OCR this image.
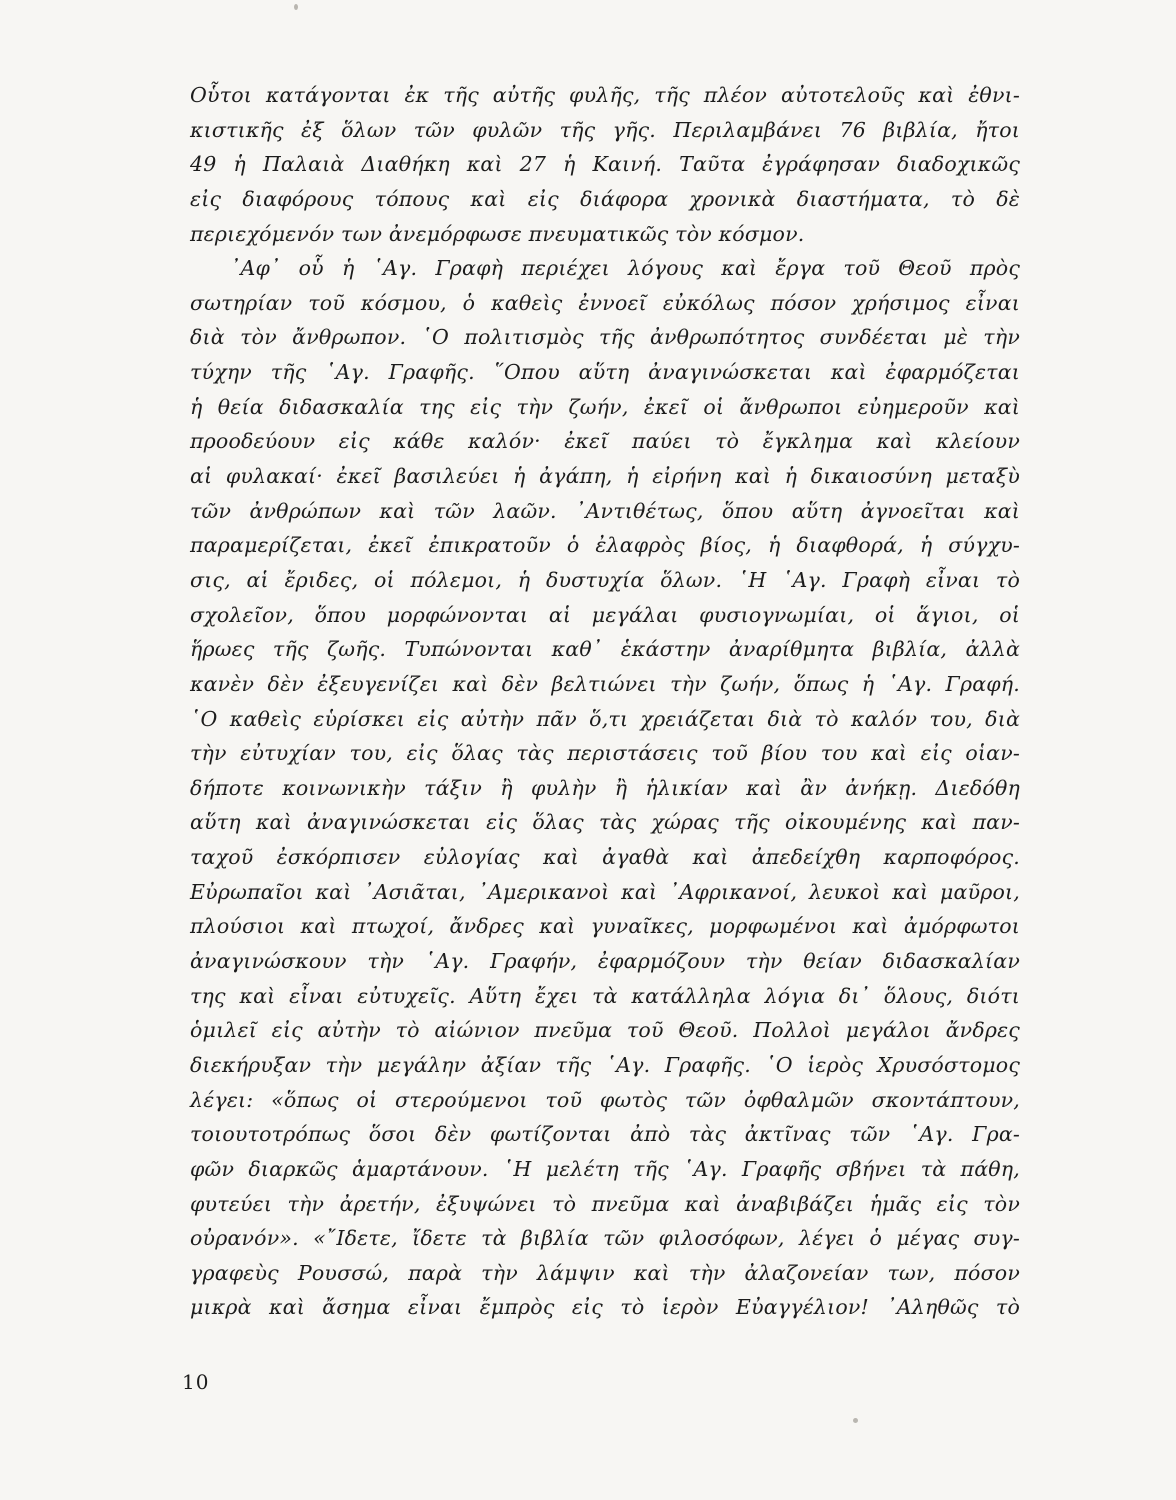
Οὗτοι κατάγονται ἐκ τῆς αὐτῆς φυλῆς, τῆς πλέον αὐτοτελοῦς καὶ ἐθνι-
κιστικῆς ἐξ ὅλων τῶν φυλῶν τῆς γῆς. Περιλαμβάνει 76 βιβλία, ἤτοι
49 ἡ Παλαιὰ Διαθήκη καὶ 27 ἡ Καινή. Ταῦτα ἐγράφησαν διαδοχικῶς
εἰς διαφόρους τόπους καὶ εἰς διάφορα χρονικὰ διαστήματα, τὸ δὲ
περιεχόμενόν των ἀνεμόρφωσε πνευματικῶς τὸν κόσμον.
᾿Αφ᾿ οὗ ἡ ῾Αγ. Γραφὴ περιέχει λόγους καὶ ἔργα τοῦ Θεοῦ πρὸς
σωτηρίαν τοῦ κόσμου, ὁ καθεὶς ἐννοεῖ εὐκόλως πόσον χρήσιμος εἶναι
διὰ τὸν ἄνθρωπον. ῾Ο πολιτισμὸς τῆς ἀνθρωπότητος συνδέεται μὲ τὴν
τύχην τῆς ῾Αγ. Γραφῆς. ῞Οπου αὕτη ἀναγινώσκεται καὶ ἐφαρμόζεται
ἡ θεία διδασκαλία της εἰς τὴν ζωήν, ἐκεῖ οἱ ἄνθρωποι εὐημεροῦν καὶ
προοδεύουν εἰς κάθε καλόν· ἐκεῖ παύει τὸ ἔγκλημα καὶ κλείουν
αἱ φυλακαί· ἐκεῖ βασιλεύει ἡ ἀγάπη, ἡ εἰρήνη καὶ ἡ δικαιοσύνη μεταξὺ
τῶν ἀνθρώπων καὶ τῶν λαῶν. ᾿Αντιθέτως, ὅπου αὕτη ἀγνοεῖται καὶ
παραμερίζεται, ἐκεῖ ἐπικρατοῦν ὁ ἐλαφρὸς βίος, ἡ διαφθορά, ἡ σύγχυ-
σις, αἱ ἔριδες, οἱ πόλεμοι, ἡ δυστυχία ὅλων. ῾Η ῾Αγ. Γραφὴ εἶναι τὸ
σχολεῖον, ὅπου μορφώνονται αἱ μεγάλαι φυσιογνωμίαι, οἱ ἅγιοι, οἱ
ἥρωες τῆς ζωῆς. Τυπώνονται καθ᾿ ἑκάστην ἀναρίθμητα βιβλία, ἀλλὰ
κανὲν δὲν ἐξευγενίζει καὶ δὲν βελτιώνει τὴν ζωήν, ὅπως ἡ ῾Αγ. Γραφή.
῾Ο καθεὶς εὑρίσκει εἰς αὐτὴν πᾶν ὅ,τι χρειάζεται διὰ τὸ καλόν του, διὰ
τὴν εὐτυχίαν του, εἰς ὅλας τὰς περιστάσεις τοῦ βίου του καὶ εἰς οἱαν-
δήποτε κοινωνικὴν τάξιν ἢ φυλὴν ἢ ἡλικίαν καὶ ἂν ἀνήκῃ. Διεδόθη
αὕτη καὶ ἀναγινώσκεται εἰς ὅλας τὰς χώρας τῆς οἰκουμένης καὶ παν-
ταχοῦ ἐσκόρπισεν εὐλογίας καὶ ἀγαθὰ καὶ ἀπεδείχθη καρποφόρος.
Εὐρωπαῖοι καὶ ᾿Ασιᾶται, ᾿Αμερικανοὶ καὶ ᾿Αφρικανοί, λευκοὶ καὶ μαῦροι,
πλούσιοι καὶ πτωχοί, ἄνδρες καὶ γυναῖκες, μορφωμένοι καὶ ἀμόρφωτοι
ἀναγινώσκουν τὴν ῾Αγ. Γραφήν, ἐφαρμόζουν τὴν θείαν διδασκαλίαν
της καὶ εἶναι εὐτυχεῖς. Αὕτη ἔχει τὰ κατάλληλα λόγια δι᾿ ὅλους, διότι
ὁμιλεῖ εἰς αὐτὴν τὸ αἰώνιον πνεῦμα τοῦ Θεοῦ. Πολλοὶ μεγάλοι ἄνδρες
διεκήρυξαν τὴν μεγάλην ἀξίαν τῆς ῾Αγ. Γραφῆς. ῾Ο ἱερὸς Χρυσόστομος
λέγει: «ὅπως οἱ στερούμενοι τοῦ φωτὸς τῶν ὀφθαλμῶν σκοντάπτουν,
τοιουτοτρόπως ὅσοι δὲν φωτίζονται ἀπὸ τὰς ἀκτῖνας τῶν ῾Αγ. Γρα-
φῶν διαρκῶς ἁμαρτάνουν. ῾Η μελέτη τῆς ῾Αγ. Γραφῆς σβήνει τὰ πάθη,
φυτεύει τὴν ἀρετήν, ἐξυψώνει τὸ πνεῦμα καὶ ἀναβιβάζει ἡμᾶς εἰς τὸν
οὐρανόν». «῎Ιδετε, ἴδετε τὰ βιβλία τῶν φιλοσόφων, λέγει ὁ μέγας συγ-
γραφεὺς Ρουσσώ, παρὰ τὴν λάμψιν καὶ τὴν ἀλαζονείαν των, πόσον
μικρὰ καὶ ἄσημα εἶναι ἔμπρὸς εἰς τὸ ἱερὸν Εὐαγγέλιον! ᾿Αληθῶς τὸ
10
